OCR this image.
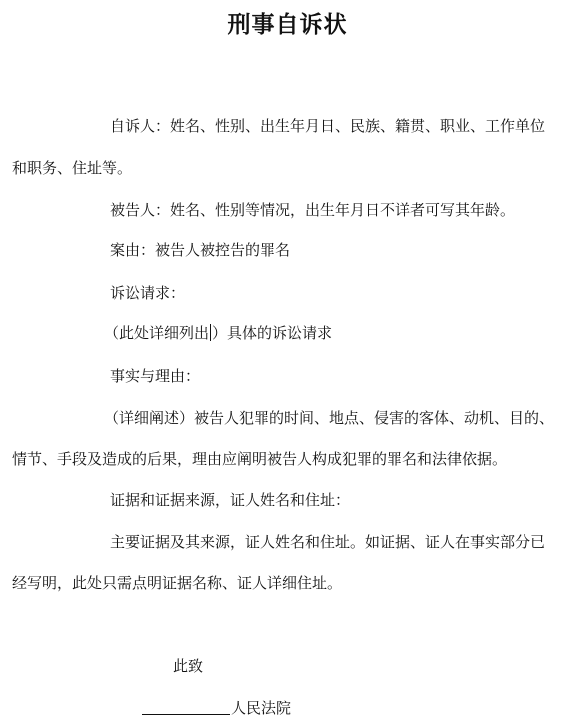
刑事自诉状
自诉人：姓名、性别、出生年月日、民族、籍贯、职业、工作单位
和职务、住址等。
被告人：姓名、性别等情况，出生年月日不详者可写其年龄。
案由：被告人被控告的罪名
诉讼请求：
（此处详细列出 ）具体的诉讼请求
事实与理由：
（详细阐述）被告人犯罪的时间、地点、侵害的客体、动机、目的、
情节、手段及造成的后果，理由应阐明被告人构成犯罪的罪名和法律依据。
证据和证据来源，证人姓名和住址：
主要证据及其来源，证人姓名和住址。如证据、证人在事实部分已
经写明，此处只需点明证据名称、证人详细住址。
此致
人民法院
